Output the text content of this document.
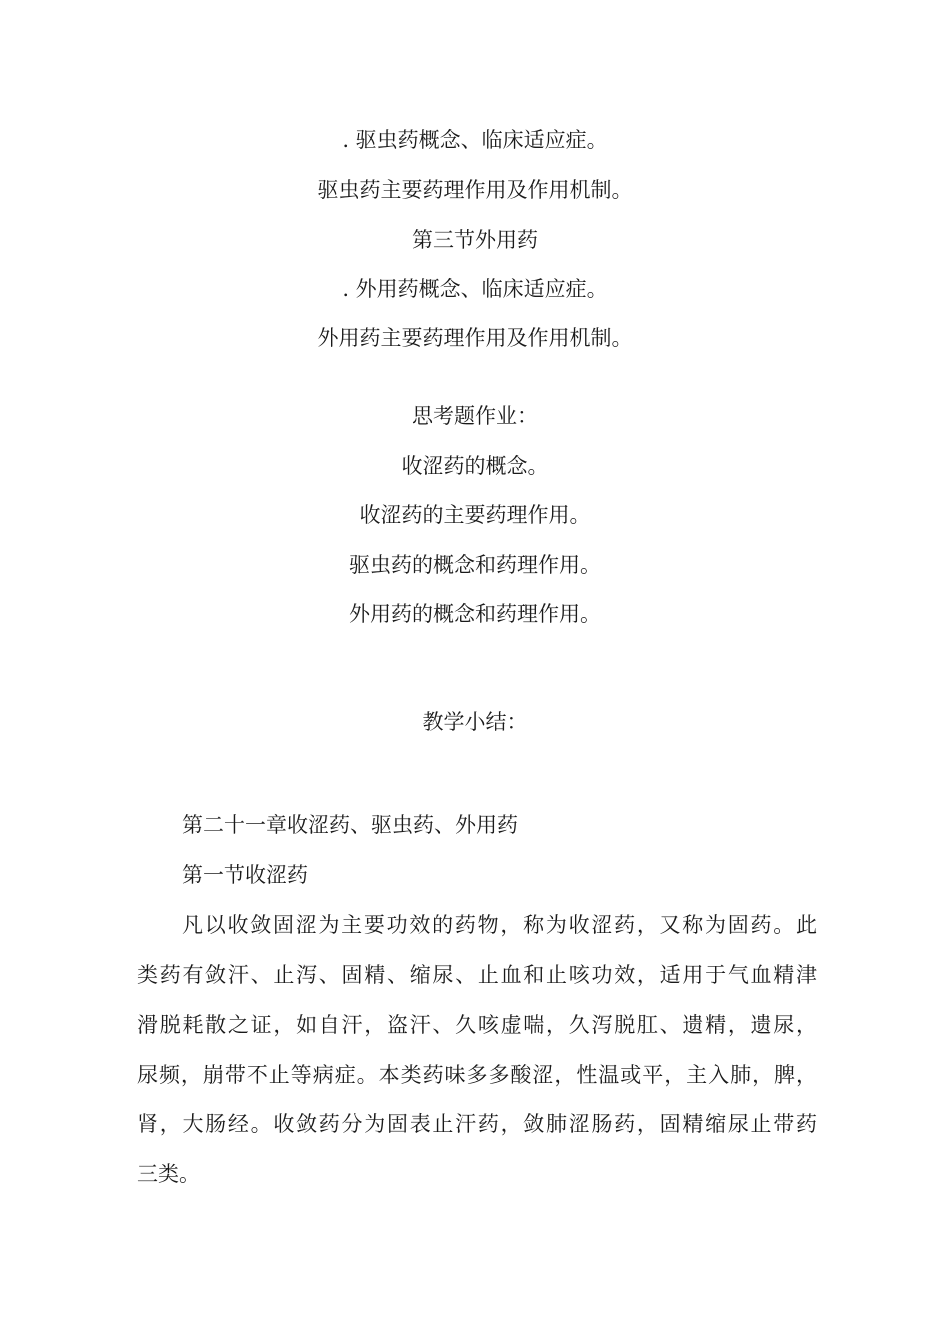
. 驱虫药概念、临床适应症。
驱虫药主要药理作用及作用机制。
第三节外用药
. 外用药概念、临床适应症。
外用药主要药理作用及作用机制。
思考题作业：
收涩药的概念。
收涩药的主要药理作用。
驱虫药的概念和药理作用。
外用药的概念和药理作用。
教学小结：
第二十一章收涩药、驱虫药、外用药
第一节收涩药
凡以收敛固涩为主要功效的药物，称为收涩药，又称为固药。此
类药有敛汗、止泻、固精、缩尿、止血和止咳功效，适用于气血精津
滑脱耗散之证，如自汗，盗汗、久咳虚喘，久泻脱肛、遗精，遗尿，
尿频，崩带不止等病症。本类药味多多酸涩，性温或平，主入肺，脾，
肾，大肠经。收敛药分为固表止汗药，敛肺涩肠药，固精缩尿止带药
三类。
